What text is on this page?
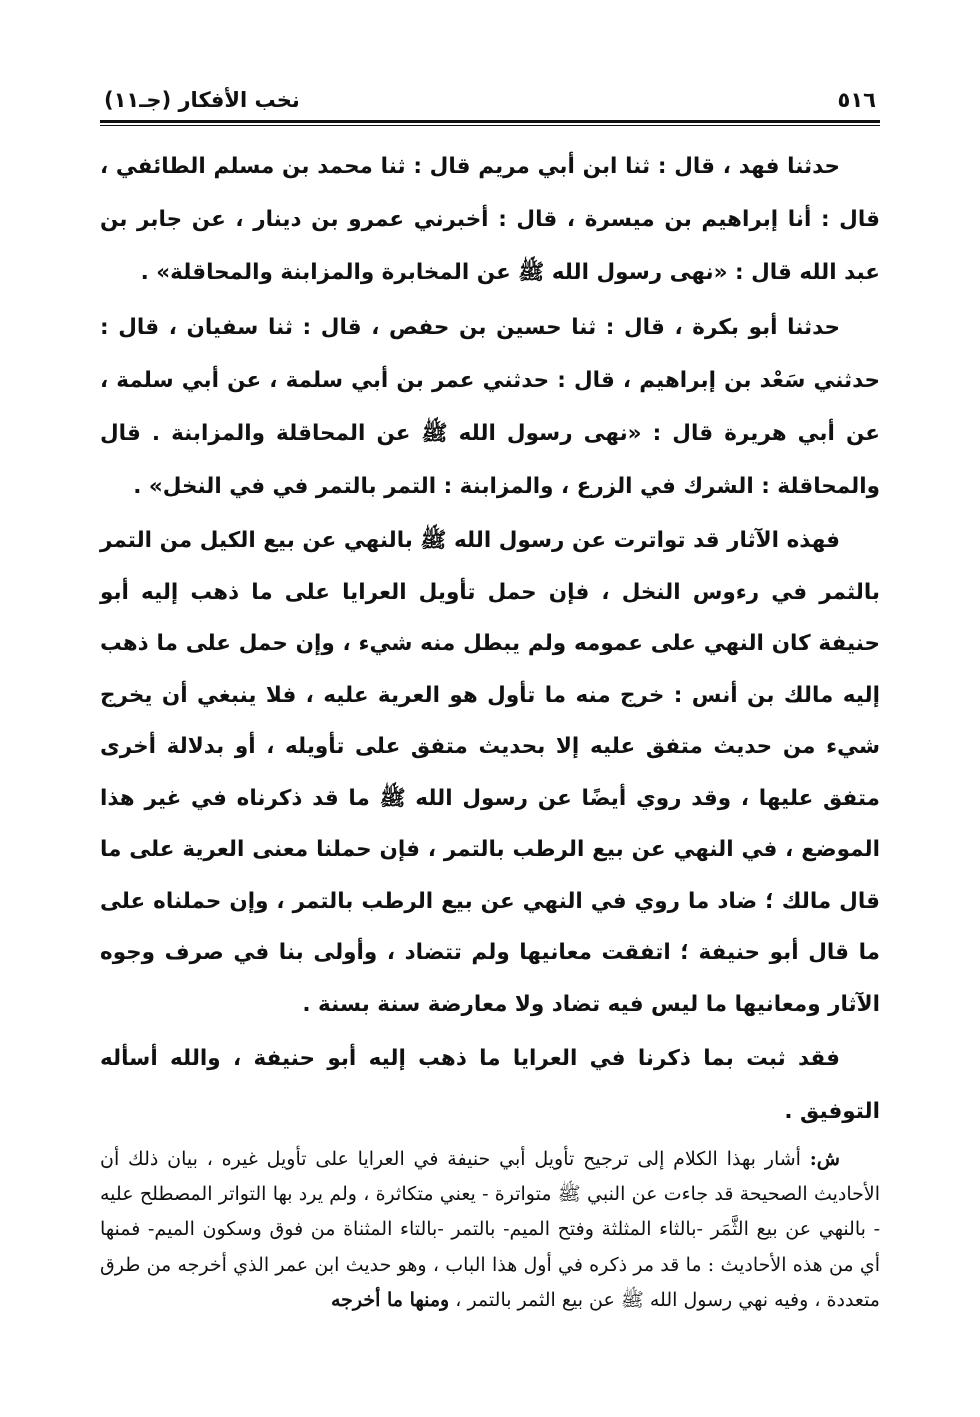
٥١٦
نخب الأفكار (جـ١١)

حدثنا فهد ، قال : ثنا ابن أبي مريم قال : ثنا محمد بن مسلم الطائفي ، قال : أنا إبراهيم بن ميسرة ، قال : أخبرني عمرو بن دينار ، عن جابر بن عبد الله قال : «نهى رسول الله ﷺ عن المخابرة والمزابنة والمحاقلة» .

حدثنا أبو بكرة ، قال : ثنا حسين بن حفص ، قال : ثنا سفيان ، قال : حدثني سَعْد بن إبراهيم ، قال : حدثني عمر بن أبي سلمة ، عن أبي سلمة ، عن أبي هريرة قال : «نهى رسول الله ﷺ عن المحاقلة والمزابنة . قال والمحاقلة : الشرك في الزرع ، والمزابنة : التمر بالتمر في في النخل» .

فهذه الآثار قد تواترت عن رسول الله ﷺ بالنهي عن بيع الكيل من التمر بالثمر في رءوس النخل ، فإن حمل تأويل العرايا على ما ذهب إليه أبو حنيفة كان النهي على عمومه ولم يبطل منه شيء ، وإن حمل على ما ذهب إليه مالك بن أنس : خرج منه ما تأول هو العرية عليه ، فلا ينبغي أن يخرج شيء من حديث متفق عليه إلا بحديث متفق على تأويله ، أو بدلالة أخرى متفق عليها ، وقد روي أيضًا عن رسول الله ﷺ ما قد ذكرناه في غير هذا الموضع ، في النهي عن بيع الرطب بالتمر ، فإن حملنا معنى العرية على ما قال مالك ؛ ضاد ما روي في النهي عن بيع الرطب بالتمر ، وإن حملناه على ما قال أبو حنيفة ؛ اتفقت معانيها ولم تتضاد ، وأولى بنا في صرف وجوه الآثار ومعانيها ما ليس فيه تضاد ولا معارضة سنة بسنة .

فقد ثبت بما ذكرنا في العرايا ما ذهب إليه أبو حنيفة ، والله أسأله التوفيق .

ش: أشار بهذا الكلام إلى ترجيح تأويل أبي حنيفة في العرايا على تأويل غيره ، بيان ذلك أن الأحاديث الصحيحة قد جاءت عن النبي ﷺ متواترة - يعني متكاثرة ، ولم يرد بها التواتر المصطلح عليه - بالنهي عن بيع الثَّمَر -بالثاء المثلثة وفتح الميم- بالتمر -بالتاء المثناة من فوق وسكون الميم- فمنها أي من هذه الأحاديث : ما قد مر ذكره في أول هذا الباب ، وهو حديث ابن عمر الذي أخرجه من طرق متعددة ، وفيه نهي رسول الله ﷺ عن بيع الثمر بالتمر ، ومنها ما أخرجه
